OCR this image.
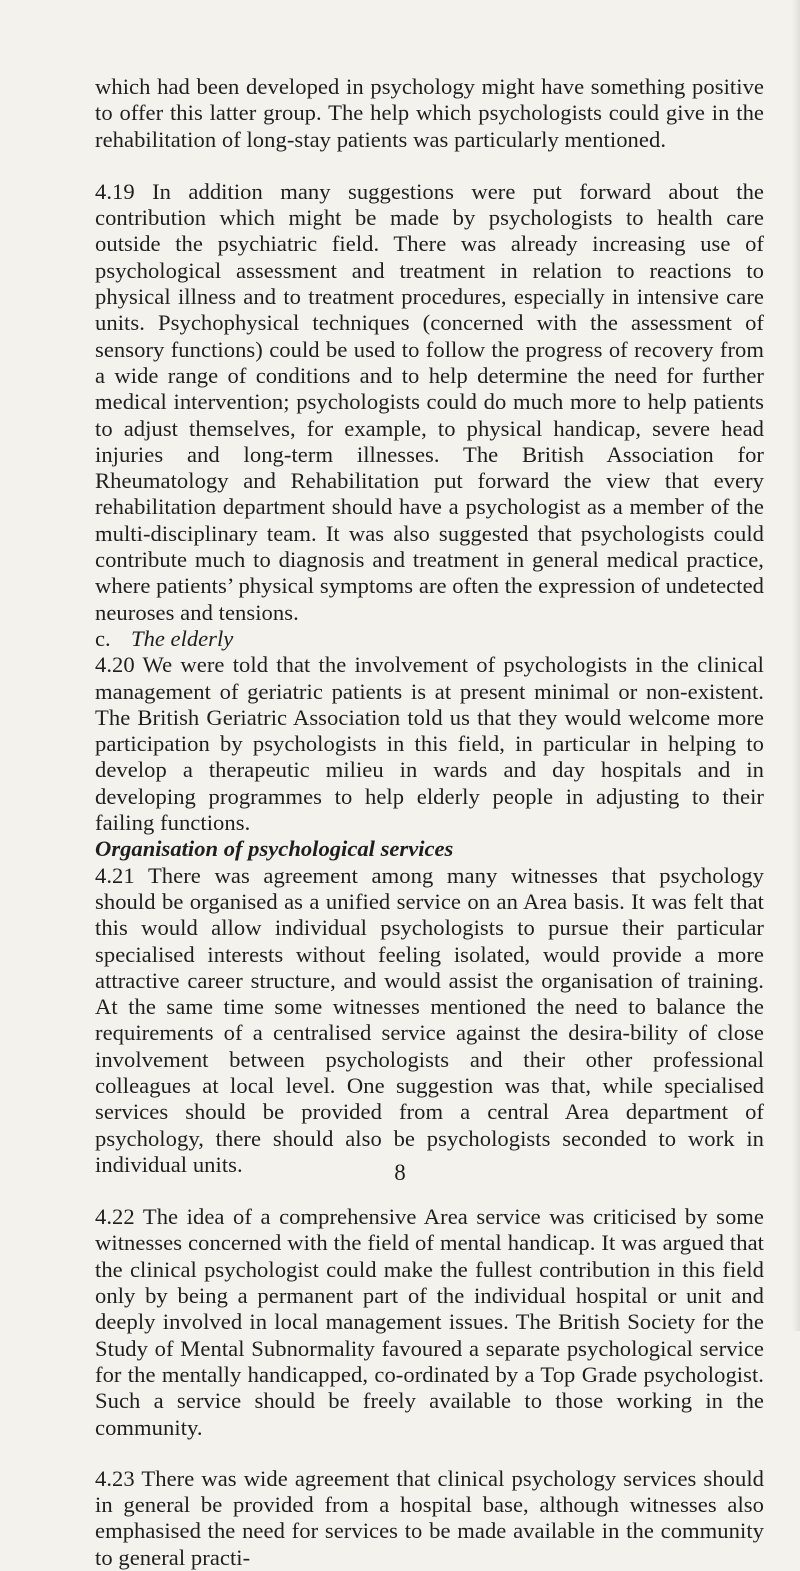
which had been developed in psychology might have something positive to offer this latter group. The help which psychologists could give in the rehabilitation of long-stay patients was particularly mentioned.

4.19 In addition many suggestions were put forward about the contribution which might be made by psychologists to health care outside the psychiatric field. There was already increasing use of psychological assessment and treatment in relation to reactions to physical illness and to treatment procedures, especially in intensive care units. Psychophysical techniques (concerned with the assessment of sensory functions) could be used to follow the progress of recovery from a wide range of conditions and to help determine the need for further medical intervention; psychologists could do much more to help patients to adjust themselves, for example, to physical handicap, severe head injuries and long-term illnesses. The British Association for Rheumatology and Rehabilitation put forward the view that every rehabilitation department should have a psychologist as a member of the multi-disciplinary team. It was also suggested that psychologists could contribute much to diagnosis and treatment in general medical practice, where patients’ physical symptoms are often the expression of undetected neuroses and tensions.

c. The elderly

4.20 We were told that the involvement of psychologists in the clinical management of geriatric patients is at present minimal or non-existent. The British Geriatric Association told us that they would welcome more participation by psychologists in this field, in particular in helping to develop a therapeutic milieu in wards and day hospitals and in developing programmes to help elderly people in adjusting to their failing functions.

Organisation of psychological services

4.21 There was agreement among many witnesses that psychology should be organised as a unified service on an Area basis. It was felt that this would allow individual psychologists to pursue their particular specialised interests without feeling isolated, would provide a more attractive career structure, and would assist the organisation of training. At the same time some witnesses mentioned the need to balance the requirements of a centralised service against the desira-bility of close involvement between psychologists and their other professional colleagues at local level. One suggestion was that, while specialised services should be provided from a central Area department of psychology, there should also be psychologists seconded to work in individual units.

4.22 The idea of a comprehensive Area service was criticised by some witnesses concerned with the field of mental handicap. It was argued that the clinical psychologist could make the fullest contribution in this field only by being a permanent part of the individual hospital or unit and deeply involved in local management issues. The British Society for the Study of Mental Subnormality favoured a separate psychological service for the mentally handicapped, co-ordinated by a Top Grade psychologist. Such a service should be freely available to those working in the community.

4.23 There was wide agreement that clinical psychology services should in general be provided from a hospital base, although witnesses also emphasised the need for services to be made available in the community to general practi-

8
